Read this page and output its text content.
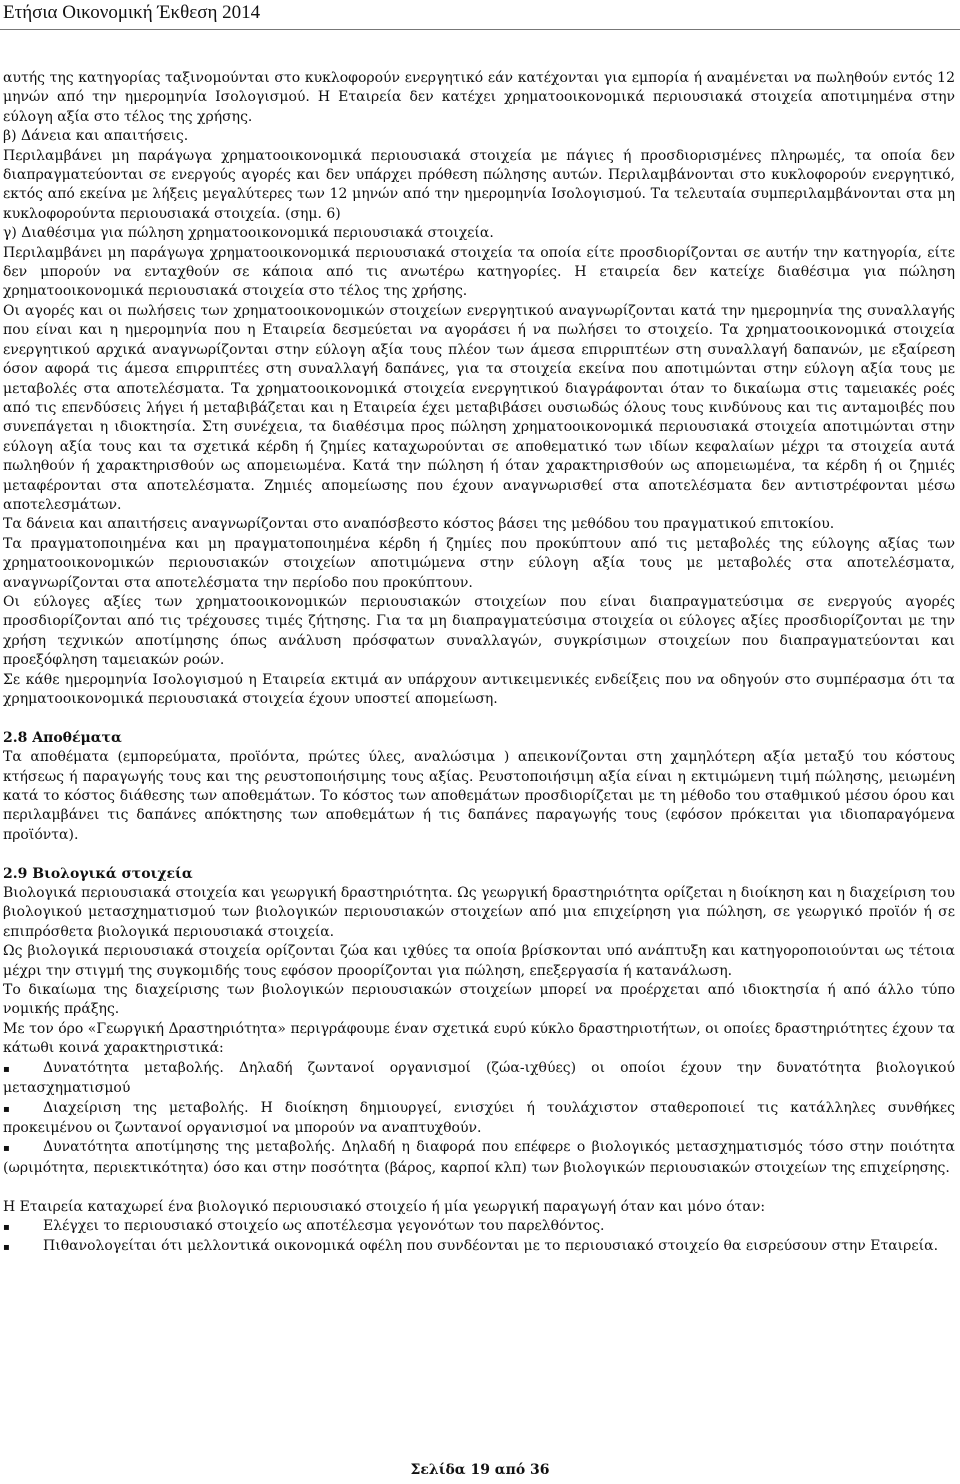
Ετήσια Οικονομική Έκθεση 2014

αυτής της κατηγορίας ταξινομούνται στο κυκλοφορούν ενεργητικό εάν κατέχονται για εμπορία ή αναμένεται να πωληθούν εντός 12 μηνών από την ημερομηνία Ισολογισμού. Η Εταιρεία δεν κατέχει χρηματοοικονομικά περιουσιακά στοιχεία αποτιμημένα στην εύλογη αξία στο τέλος της χρήσης.

β) Δάνεια και απαιτήσεις.

Περιλαμβάνει μη παράγωγα χρηματοοικονομικά περιουσιακά στοιχεία με πάγιες ή προσδιορισμένες πληρωμές, τα οποία δεν διαπραγματεύονται σε ενεργούς αγορές και δεν υπάρχει πρόθεση πώλησης αυτών. Περιλαμβάνονται στο κυκλοφορούν ενεργητικό, εκτός από εκείνα με λήξεις μεγαλύτερες των 12 μηνών από την ημερομηνία Ισολογισμού. Τα τελευταία συμπεριλαμβάνονται στα μη κυκλοφορούντα περιουσιακά στοιχεία. (σημ. 6)

γ) Διαθέσιμα για πώληση χρηματοοικονομικά περιουσιακά στοιχεία.

Περιλαμβάνει μη παράγωγα χρηματοοικονομικά περιουσιακά στοιχεία τα οποία είτε προσδιορίζονται σε αυτήν την κατηγορία, είτε δεν μπορούν να ενταχθούν σε κάποια από τις ανωτέρω κατηγορίες. Η εταιρεία δεν κατείχε διαθέσιμα για πώληση χρηματοοικονομικά περιουσιακά στοιχεία στο τέλος της χρήσης.

Οι αγορές και οι πωλήσεις των χρηματοοικονομικών στοιχείων ενεργητικού αναγνωρίζονται κατά την ημερομηνία της συναλλαγής που είναι και η ημερομηνία που η Εταιρεία δεσμεύεται να αγοράσει ή να πωλήσει το στοιχείο. Τα χρηματοοικονομικά στοιχεία ενεργητικού αρχικά αναγνωρίζονται στην εύλογη αξία τους πλέον των άμεσα επιρριπτέων στη συναλλαγή δαπανών, με εξαίρεση όσον αφορά τις άμεσα επιρριπτέες στη συναλλαγή δαπάνες, για τα στοιχεία εκείνα που αποτιμώνται στην εύλογη αξία τους με μεταβολές στα αποτελέσματα. Τα χρηματοοικονομικά στοιχεία ενεργητικού διαγράφονται όταν το δικαίωμα στις ταμειακές ροές από τις επενδύσεις λήγει ή μεταβιβάζεται και η Εταιρεία έχει μεταβιβάσει ουσιωδώς όλους τους κινδύνους και τις ανταμοιβές που συνεπάγεται η ιδιοκτησία. Στη συνέχεια, τα διαθέσιμα προς πώληση χρηματοοικονομικά περιουσιακά στοιχεία αποτιμώνται στην εύλογη αξία τους και τα σχετικά κέρδη ή ζημίες καταχωρούνται σε αποθεματικό των ιδίων κεφαλαίων μέχρι τα στοιχεία αυτά πωληθούν ή χαρακτηρισθούν ως απομειωμένα. Κατά την πώληση ή όταν χαρακτηρισθούν ως απομειωμένα, τα κέρδη ή οι ζημιές μεταφέρονται στα αποτελέσματα. Ζημιές απομείωσης που έχουν αναγνωρισθεί στα αποτελέσματα δεν αντιστρέφονται μέσω αποτελεσμάτων.

Τα δάνεια και απαιτήσεις αναγνωρίζονται στο αναπόσβεστο κόστος βάσει της μεθόδου του πραγματικού επιτοκίου.

Τα πραγματοποιημένα και μη πραγματοποιημένα κέρδη ή ζημίες που προκύπτουν από τις μεταβολές της εύλογης αξίας των χρηματοοικονομικών περιουσιακών στοιχείων αποτιμώμενα στην εύλογη αξία τους με μεταβολές στα αποτελέσματα, αναγνωρίζονται στα αποτελέσματα την περίοδο που προκύπτουν.

Οι εύλογες αξίες των χρηματοοικονομικών περιουσιακών στοιχείων που είναι διαπραγματεύσιμα σε ενεργούς αγορές προσδιορίζονται από τις τρέχουσες τιμές ζήτησης. Για τα μη διαπραγματεύσιμα στοιχεία οι εύλογες αξίες προσδιορίζονται με την χρήση τεχνικών αποτίμησης όπως ανάλυση πρόσφατων συναλλαγών, συγκρίσιμων στοιχείων που διαπραγματεύονται και προεξόφληση ταμειακών ροών.

Σε κάθε ημερομηνία Ισολογισμού η Εταιρεία εκτιμά αν υπάρχουν αντικειμενικές ενδείξεις που να οδηγούν στο συμπέρασμα ότι τα χρηματοοικονομικά περιουσιακά στοιχεία έχουν υποστεί απομείωση.

2.8 Αποθέματα

Τα αποθέματα (εμπορεύματα, προϊόντα, πρώτες ύλες, αναλώσιμα ) απεικονίζονται στη χαμηλότερη αξία μεταξύ του κόστους κτήσεως ή παραγωγής τους και της ρευστοποιήσιμης τους αξίας. Ρευστοποιήσιμη αξία είναι η εκτιμώμενη τιμή πώλησης, μειωμένη κατά το κόστος διάθεσης των αποθεμάτων. Το κόστος των αποθεμάτων προσδιορίζεται με τη μέθοδο του σταθμικού μέσου όρου και περιλαμβάνει τις δαπάνες απόκτησης των αποθεμάτων ή τις δαπάνες παραγωγής τους (εφόσον πρόκειται για ιδιοπαραγόμενα προϊόντα).

2.9 Βιολογικά στοιχεία

Βιολογικά περιουσιακά στοιχεία και γεωργική δραστηριότητα. Ως γεωργική δραστηριότητα ορίζεται η διοίκηση και η διαχείριση του βιολογικού μετασχηματισμού των βιολογικών περιουσιακών στοιχείων από μια επιχείρηση για πώληση, σε γεωργικό προϊόν ή σε επιπρόσθετα βιολογικά περιουσιακά στοιχεία.

Ως βιολογικά περιουσιακά στοιχεία ορίζονται ζώα και ιχθύες τα οποία βρίσκονται υπό ανάπτυξη και κατηγοροποιούνται ως τέτοια μέχρι την στιγμή της συγκομιδής τους εφόσον προορίζονται για πώληση, επεξεργασία ή κατανάλωση.

Το δικαίωμα της διαχείρισης των βιολογικών περιουσιακών στοιχείων μπορεί να προέρχεται από ιδιοκτησία ή από άλλο τύπο νομικής πράξης.

Με τον όρο «Γεωργική Δραστηριότητα» περιγράφουμε έναν σχετικά ευρύ κύκλο δραστηριοτήτων, οι οποίες δραστηριότητες έχουν τα κάτωθι κοινά χαρακτηριστικά:

▪ Δυνατότητα μεταβολής. Δηλαδή ζωντανοί οργανισμοί (ζώα-ιχθύες) οι οποίοι έχουν την δυνατότητα βιολογικού μετασχηματισμού

▪ Διαχείριση της μεταβολής. Η διοίκηση δημιουργεί, ενισχύει ή τουλάχιστον σταθεροποιεί τις κατάλληλες συνθήκες προκειμένου οι ζωντανοί οργανισμοί να μπορούν να αναπτυχθούν.

▪ Δυνατότητα αποτίμησης της μεταβολής. Δηλαδή η διαφορά που επέφερε ο βιολογικός μετασχηματισμός τόσο στην ποιότητα (ωριμότητα, περιεκτικότητα) όσο και στην ποσότητα (βάρος, καρποί κλπ) των βιολογικών περιουσιακών στοιχείων της επιχείρησης.

Η Εταιρεία καταχωρεί ένα βιολογικό περιουσιακό στοιχείο ή μία γεωργική παραγωγή όταν και μόνο όταν:

▪ Ελέγχει το περιουσιακό στοιχείο ως αποτέλεσμα γεγονότων του παρελθόντος.

▪ Πιθανολογείται ότι μελλοντικά οικονομικά οφέλη που συνδέονται με το περιουσιακό στοιχείο θα εισρεύσουν στην Εταιρεία.

Σελίδα 19 από 36
